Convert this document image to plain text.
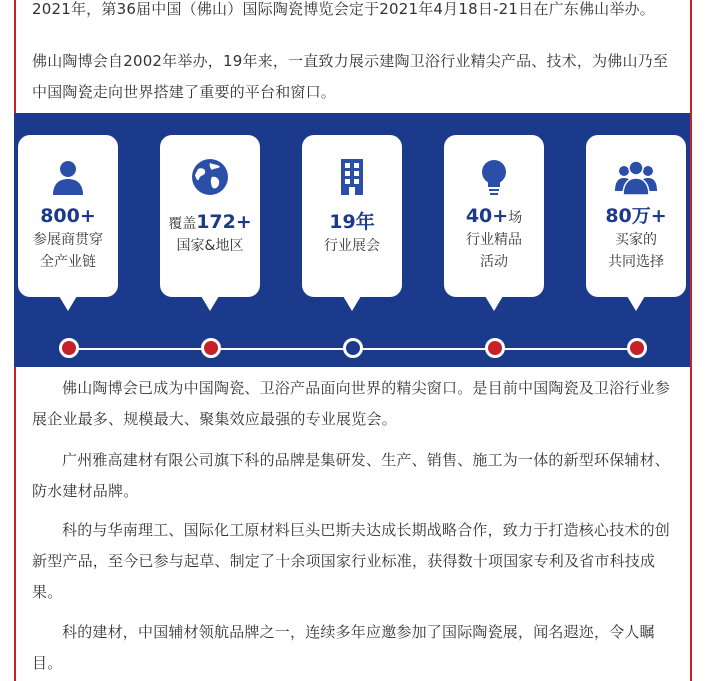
2021年，第36届中国（佛山）国际陶瓷博览会定于2021年4月18日-21日在广东佛山举办。

佛山陶博会自2002年举办，19年来，一直致力展示建陶卫浴行业精尖产品、技术，为佛山乃至中国陶瓷走向世界搭建了重要的平台和窗口。

800+
参展商贯穿
全产业链
覆盖172+
国家&地区
19年
行业展会
40+场
行业精品
活动
80万+
买家的
共同选择

佛山陶博会已成为中国陶瓷、卫浴产品面向世界的精尖窗口。是目前中国陶瓷及卫浴行业参展企业最多、规模最大、聚集效应最强的专业展览会。

广州雅高建材有限公司旗下科的品牌是集研发、生产、销售、施工为一体的新型环保辅材、防水建材品牌。

科的与华南理工、国际化工原材料巨头巴斯夫达成长期战略合作，致力于打造核心技术的创新型产品，至今已参与起草、制定了十余项国家行业标准，获得数十项国家专利及省市科技成果。

科的建材，中国辅材领航品牌之一，连续多年应邀参加了国际陶瓷展，闻名遐迩，令人瞩目。
